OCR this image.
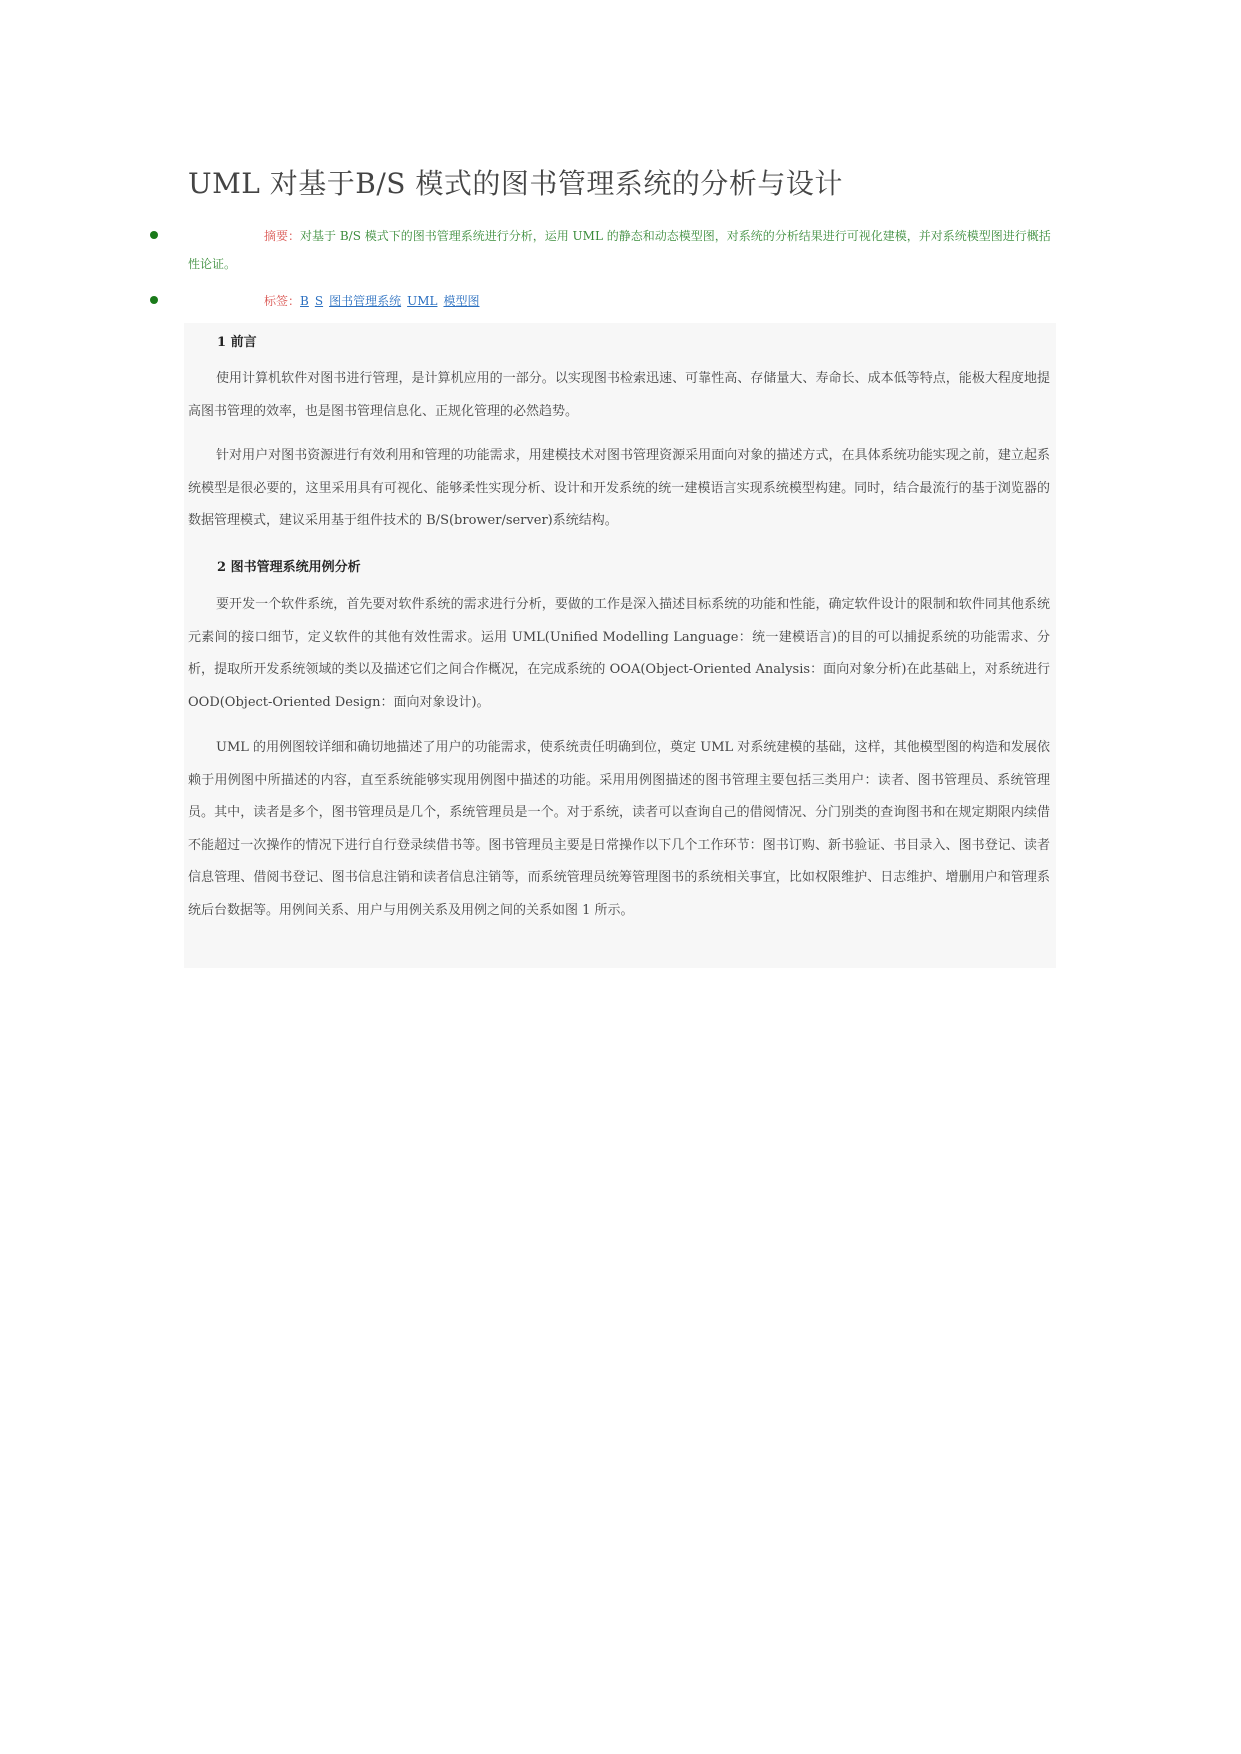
UML 对基于B/S 模式的图书管理系统的分析与设计
摘要：对基于 B/S 模式下的图书管理系统进行分析，运用 UML 的静态和动态模型图，对系统的分析结果进行可视化建模，并对系统模型图进行概括性论证。
标签：B S 图书管理系统 UML 模型图
1 前言

使用计算机软件对图书进行管理，是计算机应用的一部分。以实现图书检索迅速、可靠性高、存储量大、寿命长、成本低等特点，能极大程度地提高图书管理的效率，也是图书管理信息化、正规化管理的必然趋势。

针对用户对图书资源进行有效利用和管理的功能需求，用建模技术对图书管理资源采用面向对象的描述方式，在具体系统功能实现之前，建立起系统模型是很必要的，这里采用具有可视化、能够柔性实现分析、设计和开发系统的统一建模语言实现系统模型构建。同时，结合最流行的基于浏览器的数据管理模式，建议采用基于组件技术的 B/S(brower/server)系统结构。

2 图书管理系统用例分析

要开发一个软件系统，首先要对软件系统的需求进行分析，要做的工作是深入描述目标系统的功能和性能，确定软件设计的限制和软件同其他系统元素间的接口细节，定义软件的其他有效性需求。运用 UML(Unified Modelling Language：统一建模语言)的目的可以捕捉系统的功能需求、分析，提取所开发系统领域的类以及描述它们之间合作概况，在完成系统的 OOA(Object-Oriented Analysis：面向对象分析)在此基础上，对系统进行 OOD(Object-Oriented Design：面向对象设计)。

UML 的用例图较详细和确切地描述了用户的功能需求，使系统责任明确到位，奠定 UML 对系统建模的基础，这样，其他模型图的构造和发展依赖于用例图中所描述的内容，直至系统能够实现用例图中描述的功能。采用用例图描述的图书管理主要包括三类用户：读者、图书管理员、系统管理员。其中，读者是多个，图书管理员是几个，系统管理员是一个。对于系统，读者可以查询自己的借阅情况、分门别类的查询图书和在规定期限内续借不能超过一次操作的情况下进行自行登录续借书等。图书管理员主要是日常操作以下几个工作环节：图书订购、新书验证、书目录入、图书登记、读者信息管理、借阅书登记、图书信息注销和读者信息注销等，而系统管理员统筹管理图书的系统相关事宜，比如权限维护、日志维护、增删用户和管理系统后台数据等。用例间关系、用户与用例关系及用例之间的关系如图 1 所示。
